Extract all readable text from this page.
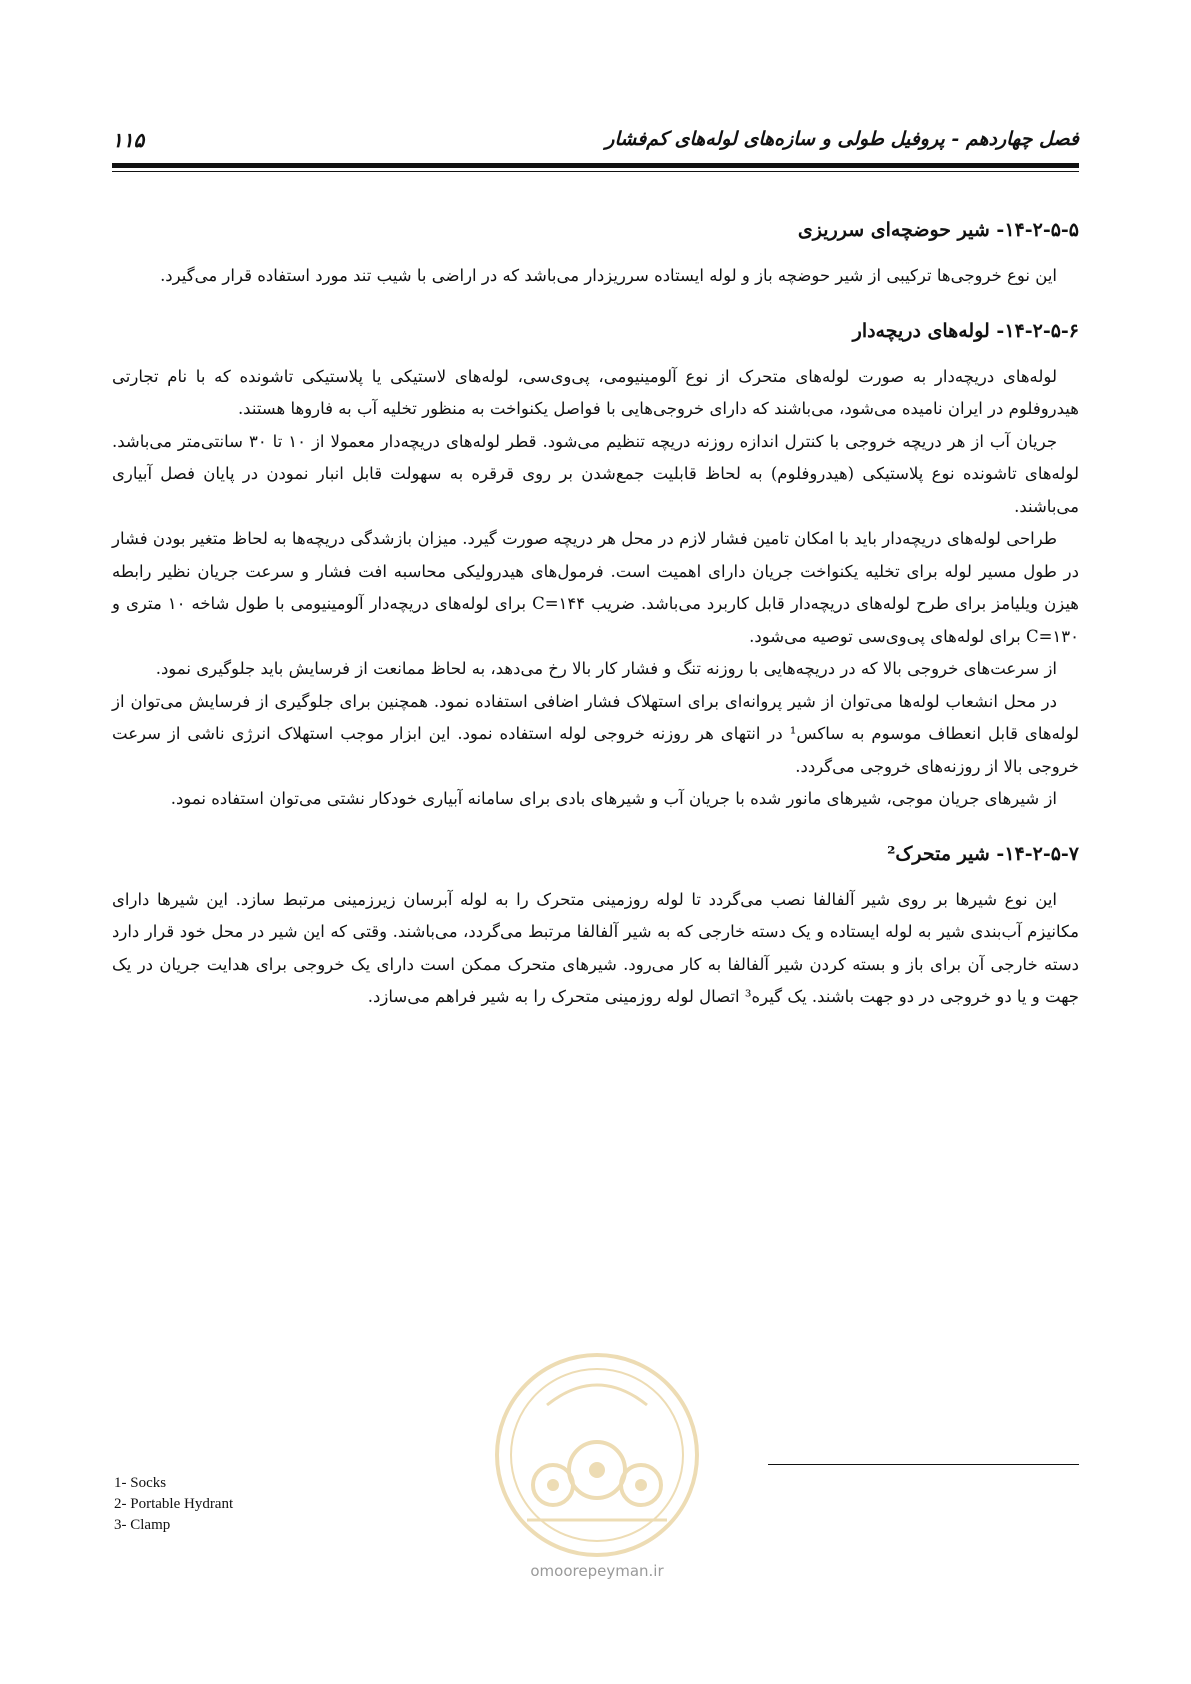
فصل چهاردهم - پروفیل طولی و سازه‌های لوله‌های کم‌فشار
۱۱۵
۱۴-۲-۵-۵- شیر حوضچه‌ای سرریزی

این نوع خروجی‌ها ترکیبی از شیر حوضچه باز و لوله ایستاده سرریزدار می‌باشد که در اراضی با شیب تند مورد استفاده قرار می‌گیرد.

۱۴-۲-۵-۶- لوله‌های دریچه‌دار

لوله‌های دریچه‌دار به صورت لوله‌های متحرک از نوع آلومینیومی، پی‌وی‌سی، لوله‌های لاستیکی یا پلاستیکی تاشونده که با نام تجارتی هیدروفلوم در ایران نامیده می‌شود، می‌باشند که دارای خروجی‌هایی با فواصل یکنواخت به منظور تخلیه آب به فاروها هستند.

جریان آب از هر دریچه خروجی با کنترل اندازه روزنه دریچه تنظیم می‌شود. قطر لوله‌های دریچه‌دار معمولا از ۱۰ تا ۳۰ سانتی‌متر می‌باشد. لوله‌های تاشونده نوع پلاستیکی (هیدروفلوم) به لحاظ قابلیت جمع‌شدن بر روی قرقره به سهولت قابل انبار نمودن در پایان فصل آبیاری می‌باشند.

طراحی لوله‌های دریچه‌دار باید با امکان تامین فشار لازم در محل هر دریچه صورت گیرد. میزان بازشدگی دریچه‌ها به لحاظ متغیر بودن فشار در طول مسیر لوله برای تخلیه یکنواخت جریان دارای اهمیت است. فرمول‌های هیدرولیکی محاسبه افت فشار و سرعت جریان نظیر رابطه هیزن ویلیامز برای طرح لوله‌های دریچه‌دار قابل کاربرد می‌باشد. ضریب C=۱۴۴ برای لوله‌های دریچه‌دار آلومینیومی با طول شاخه ۱۰ متری و C=۱۳۰ برای لوله‌های پی‌وی‌سی توصیه می‌شود.

از سرعت‌های خروجی بالا که در دریچه‌هایی با روزنه تنگ و فشار کار بالا رخ می‌دهد، به لحاظ ممانعت از فرسایش باید جلوگیری نمود.

در محل انشعاب لوله‌ها می‌توان از شیر پروانه‌ای برای استهلاک فشار اضافی استفاده نمود. همچنین برای جلوگیری از فرسایش می‌توان از لوله‌های قابل انعطاف موسوم به ساکس¹ در انتهای هر روزنه خروجی لوله استفاده نمود. این ابزار موجب استهلاک انرژی ناشی از سرعت خروجی بالا از روزنه‌های خروجی می‌گردد.

از شیرهای جریان موجی، شیرهای مانور شده با جریان آب و شیرهای بادی برای سامانه آبیاری خودکار نشتی می‌توان استفاده نمود.

۱۴-۲-۵-۷- شیر متحرک²

این نوع شیرها بر روی شیر آلفالفا نصب می‌گردد تا لوله روزمینی متحرک را به لوله آبرسان زیرزمینی مرتبط سازد. این شیرها دارای مکانیزم آب‌بندی شیر به لوله ایستاده و یک دسته خارجی که به شیر آلفالفا مرتبط می‌گردد، می‌باشند. وقتی که این شیر در محل خود قرار دارد دسته خارجی آن برای باز و بسته کردن شیر آلفالفا به کار می‌رود. شیرهای متحرک ممکن است دارای یک خروجی برای هدایت جریان در یک جهت و یا دو خروجی در دو جهت باشند. یک گیره³ اتصال لوله روزمینی متحرک را به شیر فراهم می‌سازد.

omoorepeyman.ir
1- Socks
2- Portable Hydrant
3- Clamp
